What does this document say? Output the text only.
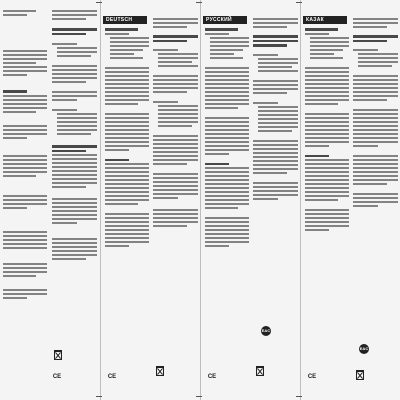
CE
DEUTSCH
CE
РУССКИЙ
EAC
CE
КАЗАК
EAC
CE
